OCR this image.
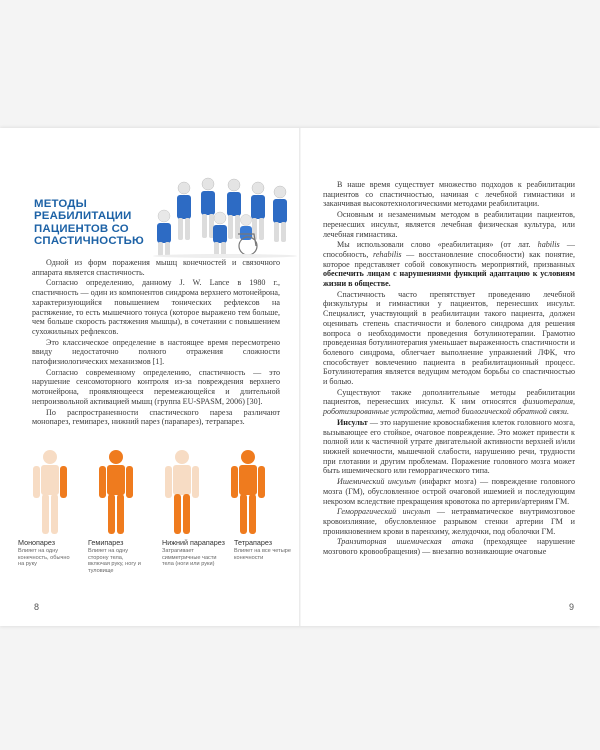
МЕТОДЫ РЕАБИЛИТАЦИИ ПАЦИЕНТОВ СО СПАСТИЧНОСТЬЮ

Одной из форм поражения мышц конечностей и связочного аппарата является спастичность.

Согласно определению, данному J. W. Lance в 1980 г., спастичность — один из компонентов синдрома верхнего мотонейрона, характеризующийся повышением тонических рефлексов на растяжение, то есть мышечного тонуса (которое выражено тем больше, чем больше скорость растяжения мышцы), в сочетании с повышением сухожильных рефлексов.

Это классическое определение в настоящее время пересмотрено ввиду недостаточно полного отражения сложности патофизиологических механизмов [1].

Согласно современному определению, спастичность — это нарушение сенсомоторного контроля из-за повреждения верхнего мотонейрона, проявляющееся перемежающейся и длительной непроизвольной активацией мышц (группа EU-SPASM, 2006) [30].

По распространенности спастического пареза различают монопарез, гемипарез, нижний парез (парапарез), тетрапарез.

Монопарез
Влияет на одну конечность, обычно на руку
Гемипарез
Влияет на одну сторону тела, включая руку, ногу и туловище
Нижний парапарез
Затрагивает симметричные части тела (ноги или руки)
Тетрапарез
Влияет на все четыре конечности
8

В наше время существует множество подходов к реабилитации пациентов со спастичностью, начиная с лечебной гимнастики и заканчивая высокотехнологическими методами реабилитации.

Основным и незаменимым методом в реабилитации пациентов, перенесших инсульт, является лечебная физическая культура, или лечебная гимнастика.

Мы использовали слово «реабилитация» (от лат. habilis — способность, rehabilis — восстановление способности) как понятие, которое представляет собой совокупность мероприятий, призванных обеспечить лицам с нарушениями функций адаптацию к условиям жизни в обществе.

Спастичность часто препятствует проведению лечебной физкультуры и гимнастики у пациентов, перенесших инсульт. Специалист, участвующий в реабилитации такого пациента, должен оценивать степень спастичности и болевого синдрома для решения вопроса о необходимости проведения ботулинотерапии. Грамотно проведенная ботулинотерапия уменьшает выраженность спастичности и болевого синдрома, облегчает выполнение упражнений ЛФК, что способствует вовлечению пациента в реабилитационный процесс. Ботулинотерапия является ведущим методом борьбы со спастичностью и болью.

Существуют также дополнительные методы реабилитации пациентов, перенесших инсульт. К ним относятся физиотерапия, роботизированные устройства, метод биологической обратной связи.

Инсульт — это нарушение кровоснабжения клеток головного мозга, вызывающее его стойкое, очаговое повреждение. Это может привести к полной или к частичной утрате двигательной активности верхней и/или нижней конечности, мышечной слабости, нарушению речи, трудности при глотании и другим проблемам. Поражение головного мозга может быть ишемического или геморрагического типа.

Ишемический инсульт (инфаркт мозга) — повреждение головного мозга (ГМ), обусловленное острой очаговой ишемией и последующим некрозом вследствие прекращения кровотока по артерии/артериям ГМ.

Геморрагический инсульт — нетравматическое внутримозговое кровоизлияние, обусловленное разрывом стенки артерии ГМ и проникновением крови в паренхиму, желудочки, под оболочки ГМ.

Транзиторная ишемическая атака (преходящее нарушение мозгового кровообращения) — внезапно возникающие очаговые

9
